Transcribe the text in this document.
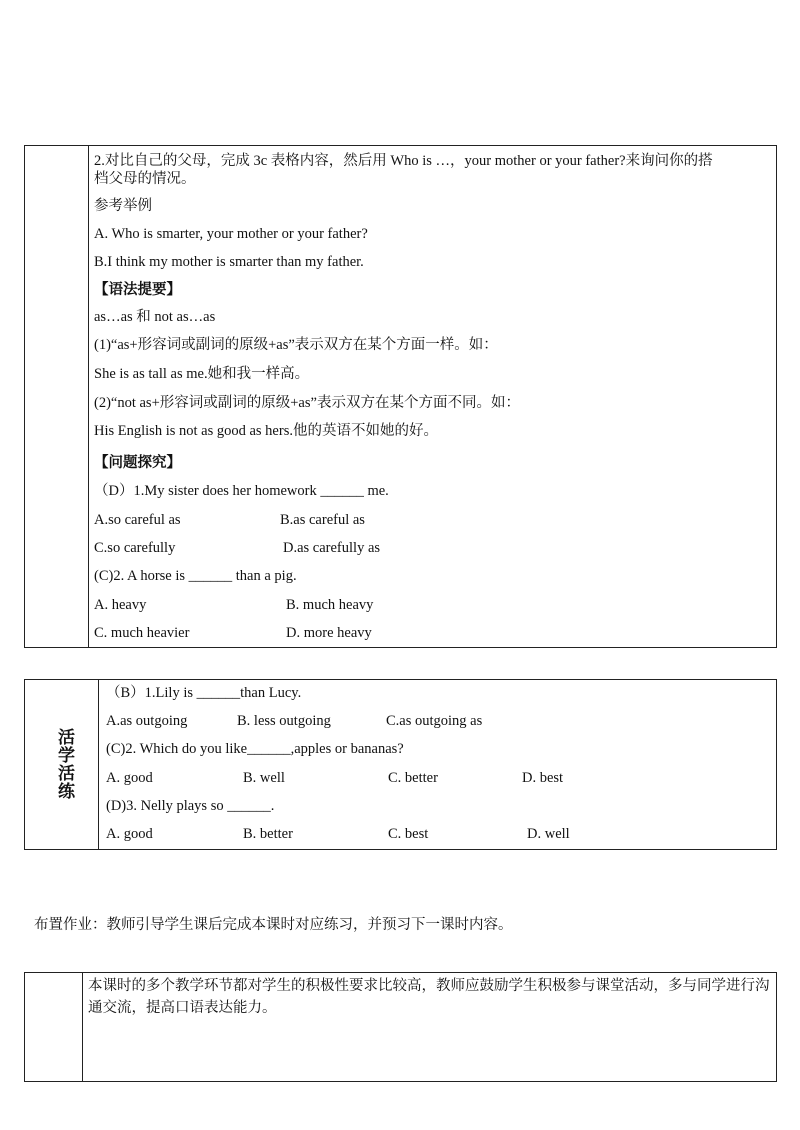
2.对比自己的父母，完成 3c 表格内容，然后用 Who is …，your mother or your father?来询问你的搭
档父母的情况。
参考举例
A. Who is smarter, your mother or your father?
B.I think my mother is smarter than my father.
【语法提要】
as…as 和 not as…as
(1)“as+形容词或副词的原级+as”表示双方在某个方面一样。如：
She is as tall as me.她和我一样高。
(2)“not as+形容词或副词的原级+as”表示双方在某个方面不同。如：
His English is not as good as hers.他的英语不如她的好。
【问题探究】
（D）1.My sister does her homework ______ me.
A.so careful as	B.as careful as
C.so carefully	D.as carefully as
(C)2. A horse is ______ than a pig.
A. heavy	B. much heavy
C. much heavier	D. more heavy
活学活练
（B）1.Lily is ______than Lucy.
A.as outgoing	B. less outgoing	C.as outgoing as
(C)2. Which do you like______,apples or bananas?
A. good	B. well	C. better	D. best
(D)3. Nelly plays so ______.
A. good	B. better	C. best	D. well
布置作业：教师引导学生课后完成本课时对应练习，并预习下一课时内容。
本课时的多个教学环节都对学生的积极性要求比较高，教师应鼓励学生积极参与课堂活动，多与同学进行沟通交流，提高口语表达能力。
